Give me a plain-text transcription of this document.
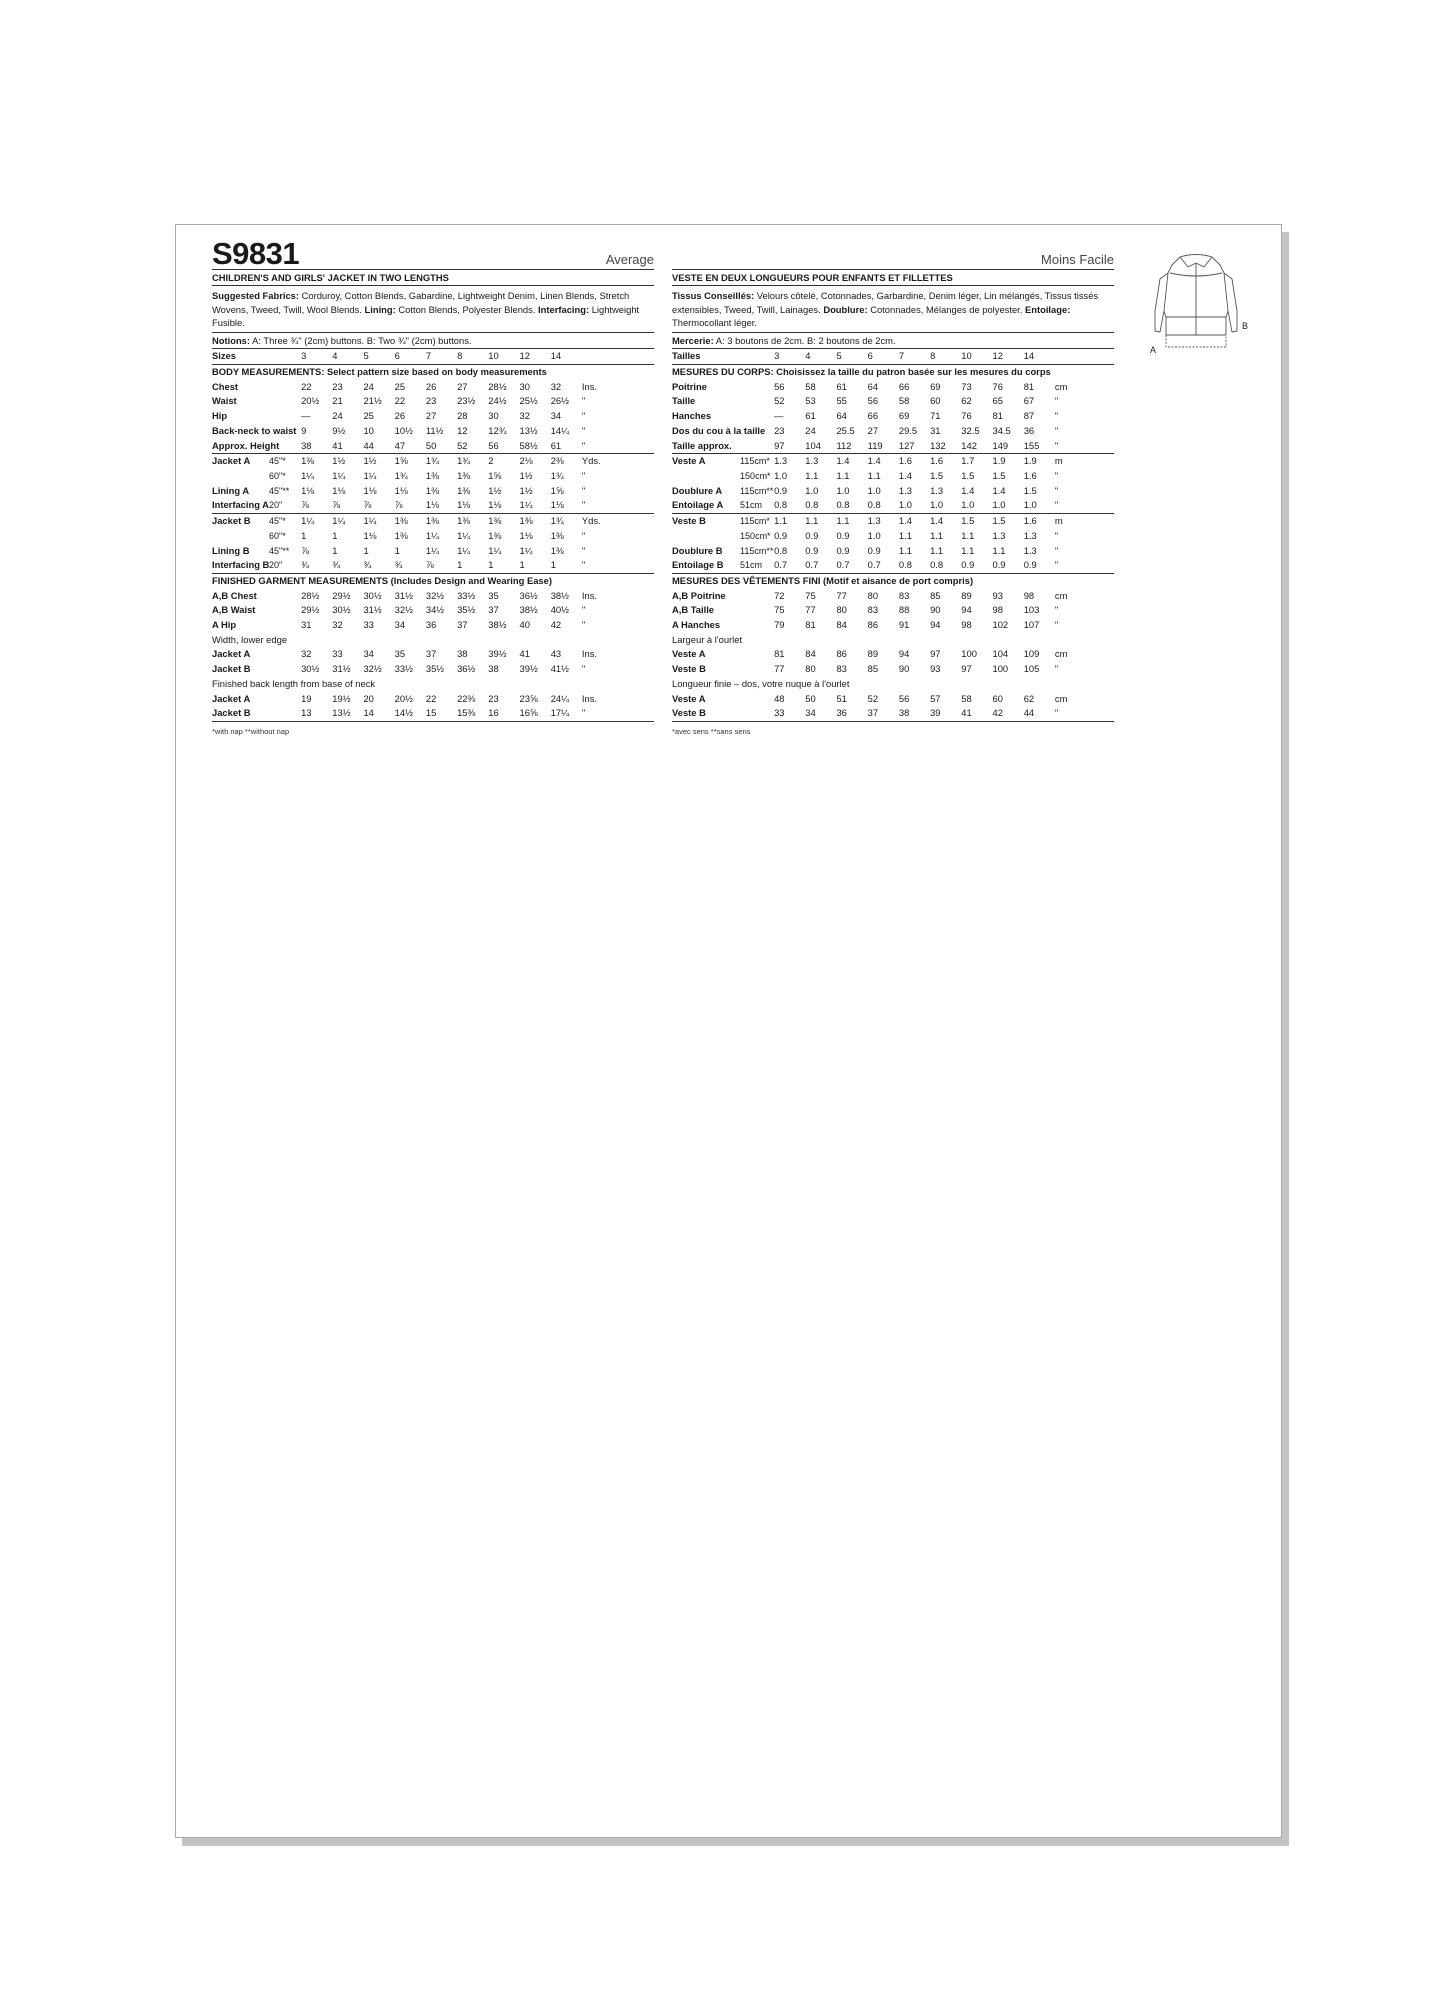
S9831	Average
CHILDREN'S AND GIRLS' JACKET IN TWO LENGTHS
Suggested Fabrics: Corduroy, Cotton Blends, Gabardine, Lightweight Denim, Linen Blends, Stretch Wovens, Tweed, Twill, Wool Blends. Lining: Cotton Blends, Polyester Blends. Interfacing: Lightweight Fusible.
Notions: A: Three ¾" (2cm) buttons. B: Two ¾" (2cm) buttons.
Sizes		3	4	5	6	7	8	10	12	14	
BODY MEASUREMENTS: Select pattern size based on body measurements											
Chest		22	23	24	25	26	27	28½	30	32	Ins.
Waist		20½	21	21½	22	23	23½	24½	25½	26½	"
Hip		—	24	25	26	27	28	30	32	34	"
Back-neck to waist		9	9½	10	10½	11½	12	12¾	13½	14¼	"
Approx. Height		38	41	44	47	50	52	56	58½	61	"
Jacket A	45"*	1⅜	1½	1½	1⅝	1¾	1¾	2	2⅛	2⅜	Yds.
	60"*	1¼	1¼	1¼	1¾	1⅜	1⅜	1⅝	1½	1¾	"
Lining A	45"**	1⅛	1⅛	1⅛	1⅛	1⅜	1⅜	1½	1½	1⅝	"
Interfacing A	20"	⅞	⅞	⅞	⅞	1⅛	1⅛	1⅛	1¼	1⅛	"
Jacket B	45"*	1¼	1¼	1¼	1⅜	1⅜	1⅜	1⅜	1⅜	1¾	Yds.
	60"*	1	1	1⅛	1⅜	1¼	1¼	1⅜	1⅛	1⅜	"
Lining B	45"**	⅞	1	1	1	1¼	1¼	1¼	1¼	1⅜	"
Interfacing B	20"	¾	¾	¾	¾	⅞	1	1	1	1	"
FINISHED GARMENT MEASUREMENTS (Includes Design and Wearing Ease)											
A,B Chest		28½	29½	30½	31½	32½	33½	35	36½	38½	Ins.
A,B Waist		29½	30½	31½	32½	34½	35½	37	38½	40½	"
A Hip		31	32	33	34	36	37	38½	40	42	"
Width, lower edge											
Jacket A		32	33	34	35	37	38	39½	41	43	Ins.
Jacket B		30½	31½	32½	33½	35½	36½	38	39½	41½	"
Finished back length from base of neck											
Jacket A		19	19½	20	20½	22	22⅜	23	23⅝	24¼	Ins.
Jacket B		13	13½	14	14½	15	15⅜	16	16⅝	17¼	"
*with nap **without nap
Moins Facile
VESTE EN DEUX LONGUEURS POUR ENFANTS ET FILLETTES
Tissus Conseillés: Velours côtelé, Cotonnades, Garbardine, Denim léger, Lin mélangés, Tissus tissés extensibles, Tweed, Twill, Lainages. Doublure: Cotonnades, Mélanges de polyester. Entoilage: Thermocollant léger.
Mercerie: A: 3 boutons de 2cm. B: 2 boutons de 2cm.
Tailles		3	4	5	6	7	8	10	12	14	
MESURES DU CORPS: Choisissez la taille du patron basée sur les mesures du corps											
Poitrine		56	58	61	64	66	69	73	76	81	cm
Taille		52	53	55	56	58	60	62	65	67	"
Hanches		—	61	64	66	69	71	76	81	87	"
Dos du cou à la taille		23	24	25.5	27	29.5	31	32.5	34.5	36	"
Taille approx.		97	104	112	119	127	132	142	149	155	"
Veste A	115cm*	1.3	1.3	1.4	1.4	1.6	1.6	1.7	1.9	1.9	m
	150cm*	1.0	1.1	1.1	1.1	1.4	1.5	1.5	1.5	1.6	"
Doublure A	115cm**	0.9	1.0	1.0	1.0	1.3	1.3	1.4	1.4	1.5	"
Entoilage A	51cm	0.8	0.8	0.8	0.8	1.0	1.0	1.0	1.0	1.0	"
Veste B	115cm*	1.1	1.1	1.1	1.3	1.4	1.4	1.5	1.5	1.6	m
	150cm*	0.9	0.9	0.9	1.0	1.1	1.1	1.1	1.3	1.3	"
Doublure B	115cm**	0.8	0.9	0.9	0.9	1.1	1.1	1.1	1.1	1.3	"
Entoilage B	51cm	0.7	0.7	0.7	0.7	0.8	0.8	0.9	0.9	0.9	"
MESURES DES VÊTEMENTS FINI (Motif et aisance de port compris)											
A,B Poitrine		72	75	77	80	83	85	89	93	98	cm
A,B Taille		75	77	80	83	88	90	94	98	103	"
A Hanches		79	81	84	86	91	94	98	102	107	"
Largeur à l'ourlet											
Veste A		81	84	86	89	94	97	100	104	109	cm
Veste B		77	80	83	85	90	93	97	100	105	"
Longueur finie – dos, votre nuque à l'ourlet											
Veste A		48	50	51	52	56	57	58	60	62	cm
Veste B		33	34	36	37	38	39	41	42	44	"
*avec sens **sans sens
A
B
